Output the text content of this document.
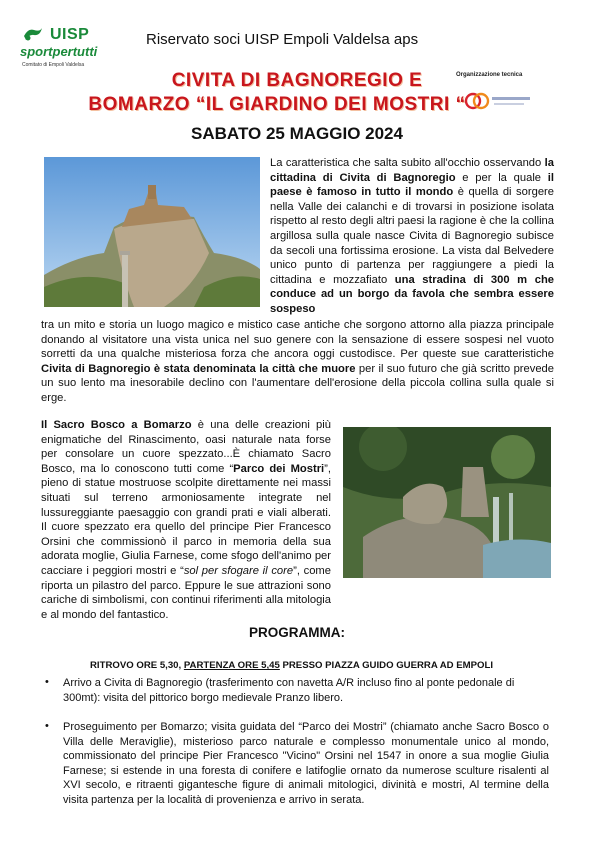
UISP
sportpertutti
Comitato di Empoli Valdelsa
Riservato soci UISP Empoli Valdelsa aps
CIVITA DI BAGNOREGIO E
BOMARZO “IL GIARDINO DEI MOSTRI “
Organizzazione tecnica
SABATO 25 MAGGIO 2024
La caratteristica che salta subito all'occhio osservando la cittadina di Civita di Bagnoregio e per la quale il paese è famoso in tutto il mondo è quella di sorgere nella Valle dei calanchi e di trovarsi in posizione isolata rispetto al resto degli altri paesi la ragione è che la collina argillosa sulla quale nasce Civita di Bagnoregio subisce da secoli una fortissima erosione. La vista dal Belvedere unico punto di partenza per raggiungere a piedi la cittadina e mozzafiato una stradina di 300 m che conduce ad un borgo da favola che sembra essere sospeso
tra un mito e storia un luogo magico e mistico case antiche che sorgono attorno alla piazza principale donando al visitatore una vista unica nel suo genere con la sensazione di essere sospesi nel vuoto sorretti da una qualche misteriosa forza che ancora oggi custodisce. Per queste sue caratteristiche Civita di Bagnoregio è stata denominata la città che muore per il suo futuro che già scritto prevede un suo lento ma inesorabile declino con l'aumentare dell'erosione della piccola collina sulla quale si erge.
Il Sacro Bosco a Bomarzo è una delle creazioni più enigmatiche del Rinascimento, oasi naturale nata forse per consolare un cuore spezzato...È chiamato Sacro Bosco, ma lo conoscono tutti come “Parco dei Mostri”, pieno di statue mostruose scolpite direttamente nei massi situati sul terreno armoniosamente integrate nel lussureggiante paesaggio con grandi prati e viali alberati. Il cuore spezzato era quello del principe Pier Francesco Orsini che commissionò il parco in memoria della sua adorata moglie, Giulia Farnese, come sfogo dell'animo per cacciare i peggiori mostri e “sol per sfogare il core”, come riporta un pilastro del parco. Eppure le sue attrazioni sono cariche di simbolismi, con continui riferimenti alla mitologia e al mondo del fantastico.
PROGRAMMA:
RITROVO ORE 5,30, PARTENZA ORE 5,45 PRESSO PIAZZA GUIDO GUERRA AD EMPOLI
• Arrivo a Civita di Bagnoregio (trasferimento con navetta A/R incluso fino al ponte pedonale di 300mt): visita del pittorico borgo medievale Pranzo libero.
• Proseguimento per Bomarzo; visita guidata del “Parco dei Mostri” (chiamato anche Sacro Bosco o Villa delle Meraviglie), misterioso parco naturale e complesso monumentale unico al mondo, commissionato del principe Pier Francesco "Vicino" Orsini nel 1547 in onore a sua moglie Giulia Farnese; si estende in una foresta di conifere e latifoglie ornato da numerose sculture risalenti al XVI secolo, e ritraenti gigantesche figure di animali mitologici, divinità e mostri, Al termine della visita partenza per la località di provenienza e arrivo in serata.
